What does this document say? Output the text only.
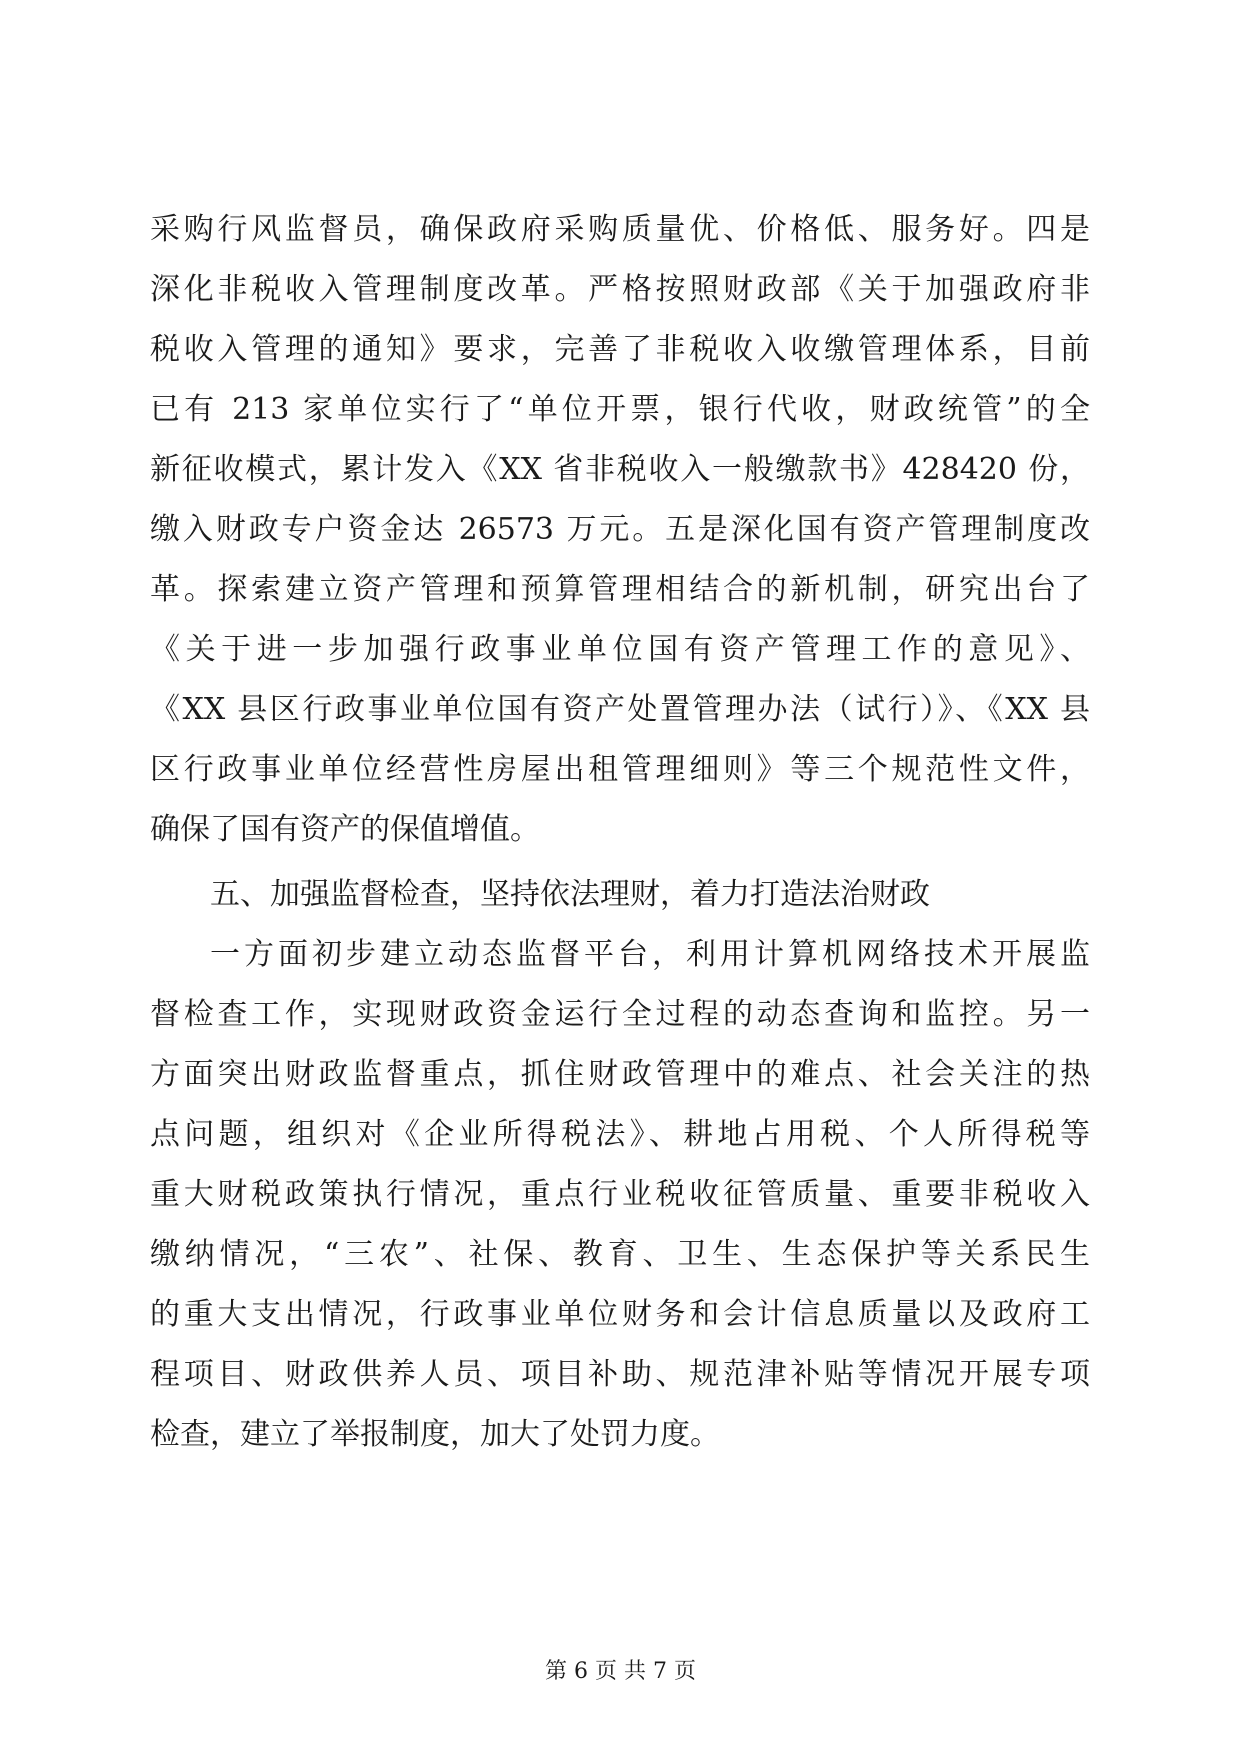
采购行风监督员，确保政府采购质量优、价格低、服务好。四是
深化非税收入管理制度改革。严格按照财政部《关于加强政府非
税收入管理的通知》要求，完善了非税收入收缴管理体系，目前
已有 213 家单位实行了“单位开票，银行代收，财政统管”的全
新征收模式，累计发入《XX 省非税收入一般缴款书》428420 份，
缴入财政专户资金达 26573 万元。五是深化国有资产管理制度改
革。探索建立资产管理和预算管理相结合的新机制，研究出台了
《关于进一步加强行政事业单位国有资产管理工作的意见》、
《XX 县区行政事业单位国有资产处置管理办法（试行）》、《XX 县
区行政事业单位经营性房屋出租管理细则》等三个规范性文件，
确保了国有资产的保值增值。
五、加强监督检查，坚持依法理财，着力打造法治财政
一方面初步建立动态监督平台，利用计算机网络技术开展监
督检查工作，实现财政资金运行全过程的动态查询和监控。另一
方面突出财政监督重点，抓住财政管理中的难点、社会关注的热
点问题，组织对《企业所得税法》、耕地占用税、个人所得税等
重大财税政策执行情况，重点行业税收征管质量、重要非税收入
缴纳情况，“三农”、社保、教育、卫生、生态保护等关系民生
的重大支出情况，行政事业单位财务和会计信息质量以及政府工
程项目、财政供养人员、项目补助、规范津补贴等情况开展专项
检查，建立了举报制度，加大了处罚力度。
第 6 页 共 7 页
